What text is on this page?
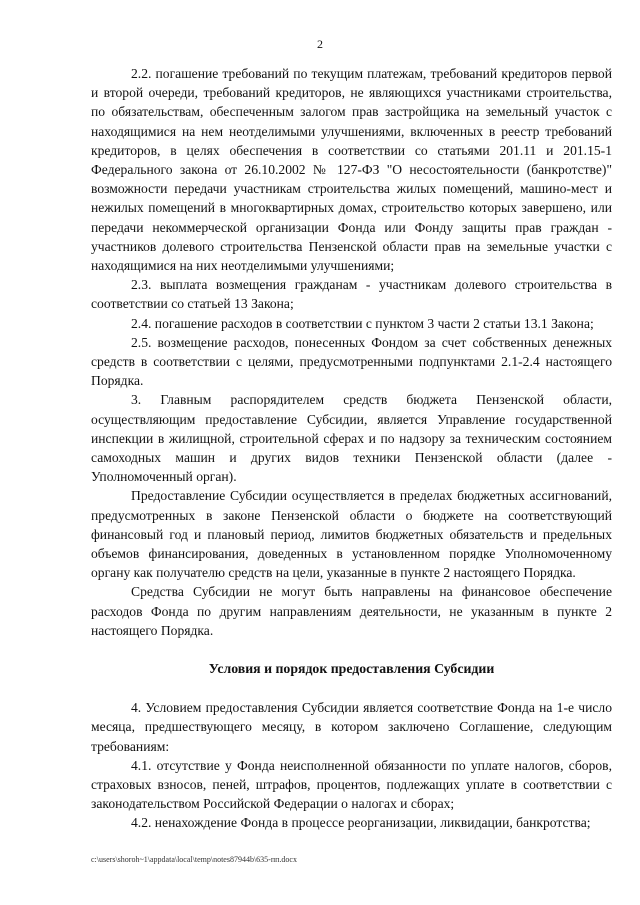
2

2.2. погашение требований по текущим платежам, требований кредиторов первой и второй очереди, требований кредиторов, не являющихся участниками строительства, по обязательствам, обеспеченным залогом прав застройщика на земельный участок с находящимися на нем неотделимыми улучшениями, включенных в реестр требований кредиторов, в целях обеспечения в соответствии со статьями 201.11 и 201.15-1 Федерального закона от 26.10.2002 № 127-ФЗ "О несостоятельности (банкротстве)" возможности передачи участникам строительства жилых помещений, машино-мест и нежилых помещений в многоквартирных домах, строительство которых завершено, или передачи некоммерческой организации Фонда или Фонду защиты прав граждан - участников долевого строительства Пензенской области прав на земельные участки с находящимися на них неотделимыми улучшениями;

2.3. выплата возмещения гражданам - участникам долевого строительства в соответствии со статьей 13 Закона;

2.4. погашение расходов в соответствии с пунктом 3 части 2 статьи 13.1 Закона;

2.5. возмещение расходов, понесенных Фондом за счет собственных денежных средств в соответствии с целями, предусмотренными подпунктами 2.1-2.4 настоящего Порядка.

3. Главным распорядителем средств бюджета Пензенской области, осуществляющим предоставление Субсидии, является Управление государственной инспекции в жилищной, строительной сферах и по надзору за техническим состоянием самоходных машин и других видов техники Пензенской области (далее - Уполномоченный орган).

Предоставление Субсидии осуществляется в пределах бюджетных ассигнований, предусмотренных в законе Пензенской области о бюджете на соответствующий финансовый год и плановый период, лимитов бюджетных обязательств и предельных объемов финансирования, доведенных в установленном порядке Уполномоченному органу как получателю средств на цели, указанные в пункте 2 настоящего Порядка.

Средства Субсидии не могут быть направлены на финансовое обеспечение расходов Фонда по другим направлениям деятельности, не указанным в пункте 2 настоящего Порядка.

Условия и порядок предоставления Субсидии

4. Условием предоставления Субсидии является соответствие Фонда на 1-е число месяца, предшествующего месяцу, в котором заключено Соглашение, следующим требованиям:

4.1. отсутствие у Фонда неисполненной обязанности по уплате налогов, сборов, страховых взносов, пеней, штрафов, процентов, подлежащих уплате в соответствии с законодательством Российской Федерации о налогах и сборах;

4.2. ненахождение Фонда в процессе реорганизации, ликвидации, банкротства;

c:\users\shoroh~1\appdata\local\temp\notes87944b\635-пп.docx
